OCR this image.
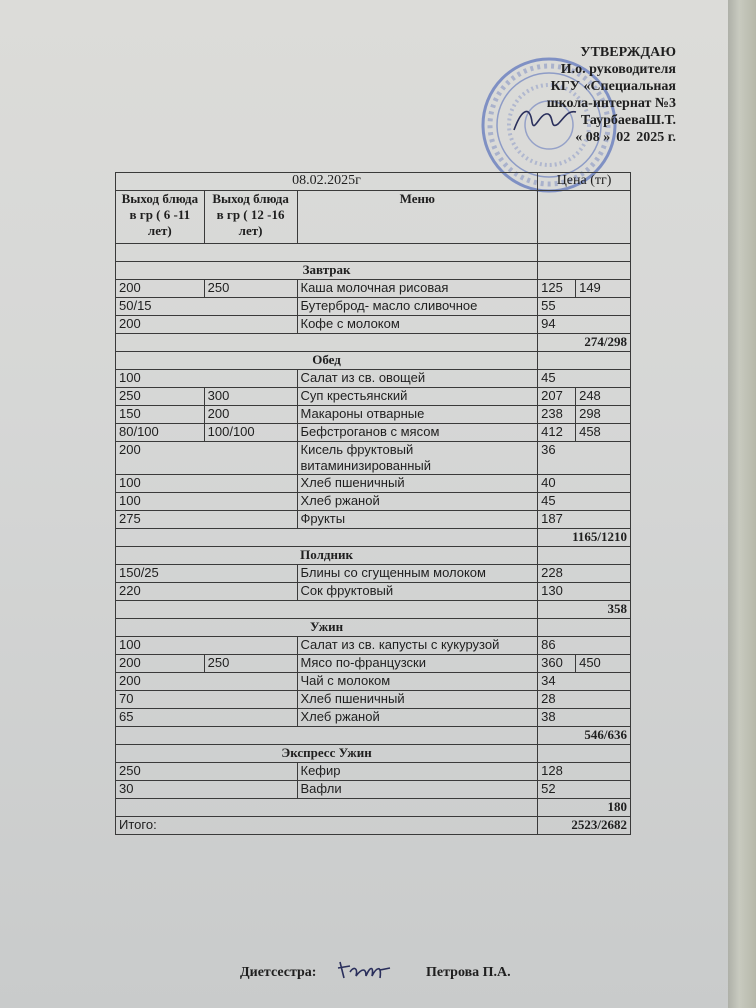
УТВЕРЖДАЮ
И.о. руководителя
КГУ «Специальная
школа-интернат №3
ТаурбаеваШ.Т.
« 08 » 02 2025 г.
08.02.2025г			Цена (тг)	
Выход блюда в гр ( 6 -11 лет)	Выход блюда в гр ( 12 -16 лет)	Меню		

Завтрак				
200	250	Каша молочная рисовая	125	149
50/15		Бутерброд- масло сливочное	55	
200		Кофе с молоком	94	
			274/298	
Обед				
100		Салат из св. овощей	45	
250	300	Суп крестьянский	207	248
150	200	Макароны отварные	238	298
80/100	100/100	Бефстроганов с мясом	412	458
200		Кисель фруктовый витаминизированный	36	
100		Хлеб пшеничный	40	
100		Хлеб ржаной	45	
275		Фрукты	187	
			1165/1210	
Полдник				
150/25		Блины со сгущенным молоком	228	
220		Сок фруктовый	130	
			358	
Ужин				
100		Салат из св. капусты с кукурузой	86	
200	250	Мясо по-французски	360	450
200		Чай с молоком	34	
70		Хлеб пшеничный	28	
65		Хлеб ржаной	38	
			546/636	
Экспресс Ужин				
250		Кефир	128	
30		Вафли	52	
			180	
Итого:			2523/2682	
Диетсестра:	Петрова П.А.
